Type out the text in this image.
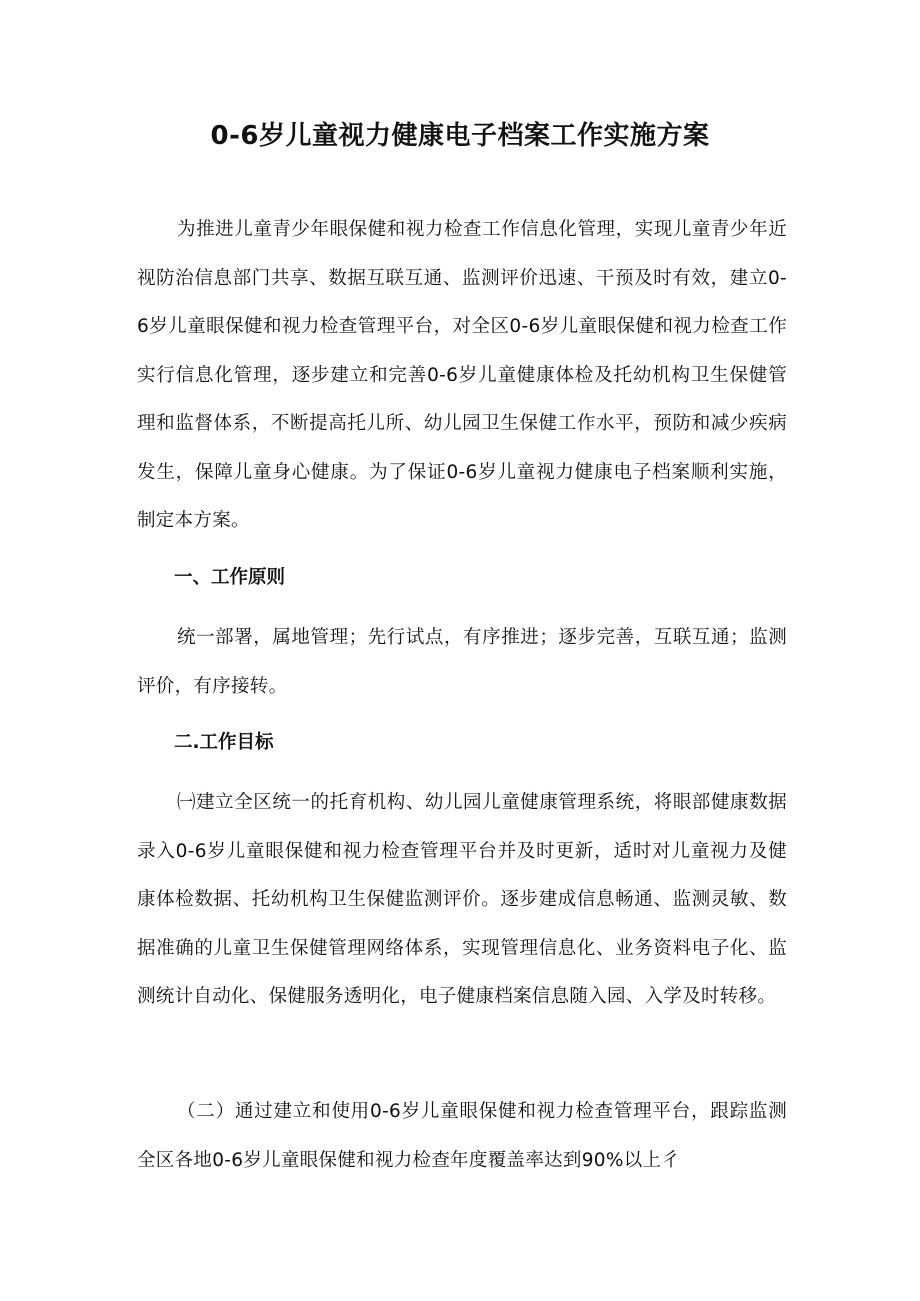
0-6岁儿童视力健康电子档案工作实施方案

为推进儿童青少年眼保健和视力检查工作信息化管理，实现儿童青少年近视防治信息部门共享、数据互联互通、监测评价迅速、干预及时有效，建立0-6岁儿童眼保健和视力检查管理平台，对全区0-6岁儿童眼保健和视力检查工作实行信息化管理，逐步建立和完善0-6岁儿童健康体检及托幼机构卫生保健管理和监督体系，不断提高托儿所、幼儿园卫生保健工作水平，预防和减少疾病发生，保障儿童身心健康。为了保证0-6岁儿童视力健康电子档案顺利实施，制定本方案。

一、工作原则

统一部署，属地管理；先行试点，有序推进；逐步完善，互联互通；监测评价，有序接转。

二.工作目标

㈠建立全区统一的托育机构、幼儿园儿童健康管理系统，将眼部健康数据录入0-6岁儿童眼保健和视力检查管理平台并及时更新，适时对儿童视力及健康体检数据、托幼机构卫生保健监测评价。逐步建成信息畅通、监测灵敏、数据准确的儿童卫生保健管理网络体系，实现管理信息化、业务资料电子化、监测统计自动化、保健服务透明化，电子健康档案信息随入园、入学及时转移。

（二）通过建立和使用0-6岁儿童眼保健和视力检查管理平台，跟踪监测全区各地0-6岁儿童眼保健和视力检查年度覆盖率达到90%以上彳
